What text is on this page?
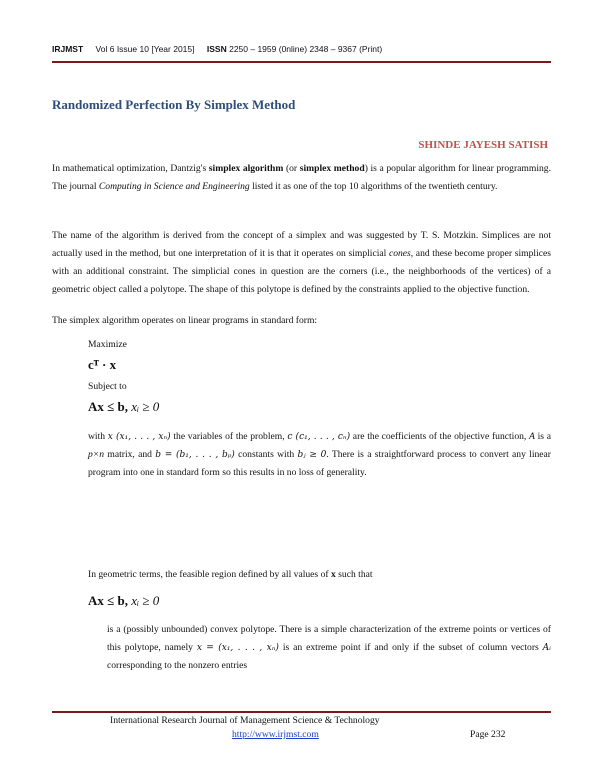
IRJMST Vol 6 Issue 10 [Year 2015] ISSN 2250 – 1959 (0nline) 2348 – 9367 (Print)
Randomized Perfection By Simplex Method
SHINDE JAYESH SATISH
In mathematical optimization, Dantzig's simplex algorithm (or simplex method) is a popular algorithm for linear programming. The journal Computing in Science and Engineering listed it as one of the top 10 algorithms of the twentieth century.
The name of the algorithm is derived from the concept of a simplex and was suggested by T. S. Motzkin. Simplices are not actually used in the method, but one interpretation of it is that it operates on simplicial cones, and these become proper simplices with an additional constraint. The simplicial cones in question are the corners (i.e., the neighborhoods of the vertices) of a geometric object called a polytope. The shape of this polytope is defined by the constraints applied to the objective function.
The simplex algorithm operates on linear programs in standard form:
Maximize
cᵀ · x
Subject to
Ax ≤ b, xᵢ ≥ 0
with x (x₁, . . . , xₙ) the variables of the problem, c (c₁, . . . , cₙ) are the coefficients of the objective function, A is a p×n matrix, and b = (b₁, . . . , bₚ) constants with bⱼ ≥ 0. There is a straightforward process to convert any linear program into one in standard form so this results in no loss of generality.
In geometric terms, the feasible region defined by all values of x such that
Ax ≤ b, xᵢ ≥ 0
is a (possibly unbounded) convex polytope. There is a simple characterization of the extreme points or vertices of this polytope, namely x = (x₁, . . . , xₙ) is an extreme point if and only if the subset of column vectors Aᵢ corresponding to the nonzero entries
International Research Journal of Management Science & Technology
http://www.irjmst.com	Page 232
